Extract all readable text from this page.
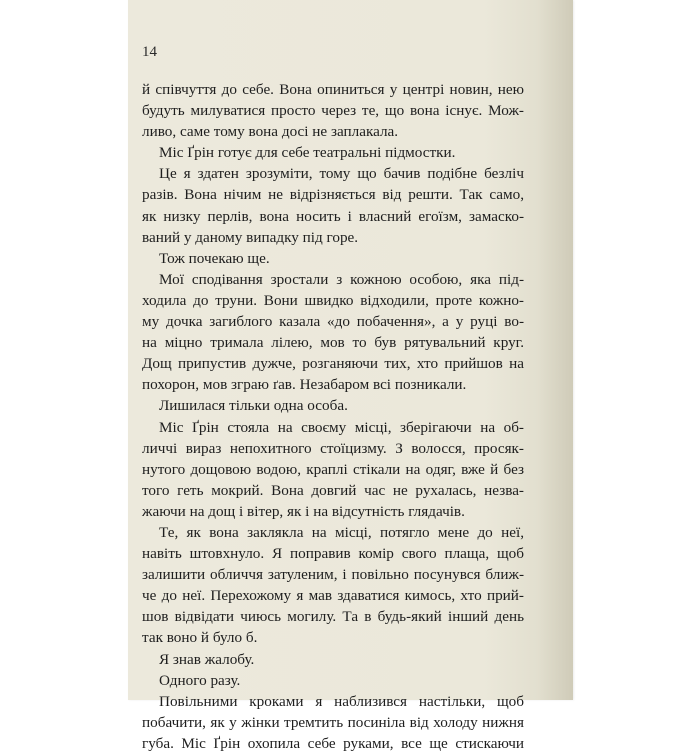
14
й співчуття до себе. Вона опиниться у центрі новин, нею
будуть милуватися просто через те, що вона існує. Мож-
ливо, саме тому вона досі не заплакала.
Міс Ґрін готує для себе театральні підмостки.
Це я здатен зрозуміти, тому що бачив подібне безліч
разів. Вона нічим не відрізняється від решти. Так само,
як низку перлів, вона носить і власний егоїзм, замаско-
ваний у даному випадку під горе.
Тож почекаю ще.
Мої сподівання зростали з кожною особою, яка під-
ходила до труни. Вони швидко відходили, проте кожно-
му дочка загиблого казала «до побачення», а у руці во-
на міцно тримала лілею, мов то був рятувальний круг.
Дощ припустив дужче, розганяючи тих, хто прийшов на
похорон, мов зграю ґав. Незабаром всі позникали.
Лишилася тільки одна особа.
Міс Ґрін стояла на своєму місці, зберігаючи на об-
личчі вираз непохитного стоїцизму. З волосся, просяк-
нутого дощовою водою, краплі стікали на одяг, вже й без
того геть мокрий. Вона довгий час не рухалась, незва-
жаючи на дощ і вітер, як і на відсутність глядачів.
Те, як вона заклякла на місці, потягло мене до неї,
навіть штовхнуло. Я поправив комір свого плаща, щоб
залишити обличчя затуленим, і повільно посунувся ближ-
че до неї. Перехожому я мав здаватися кимось, хто прий-
шов відвідати чиюсь могилу. Та в будь-який інший день
так воно й було б.
Я знав жалобу.
Одного разу.
Повільними кроками я наблизився настільки, щоб
побачити, як у жінки тремтить посиніла від холоду нижня
губа. Міс Ґрін охопила себе руками, все ще стискаючи
